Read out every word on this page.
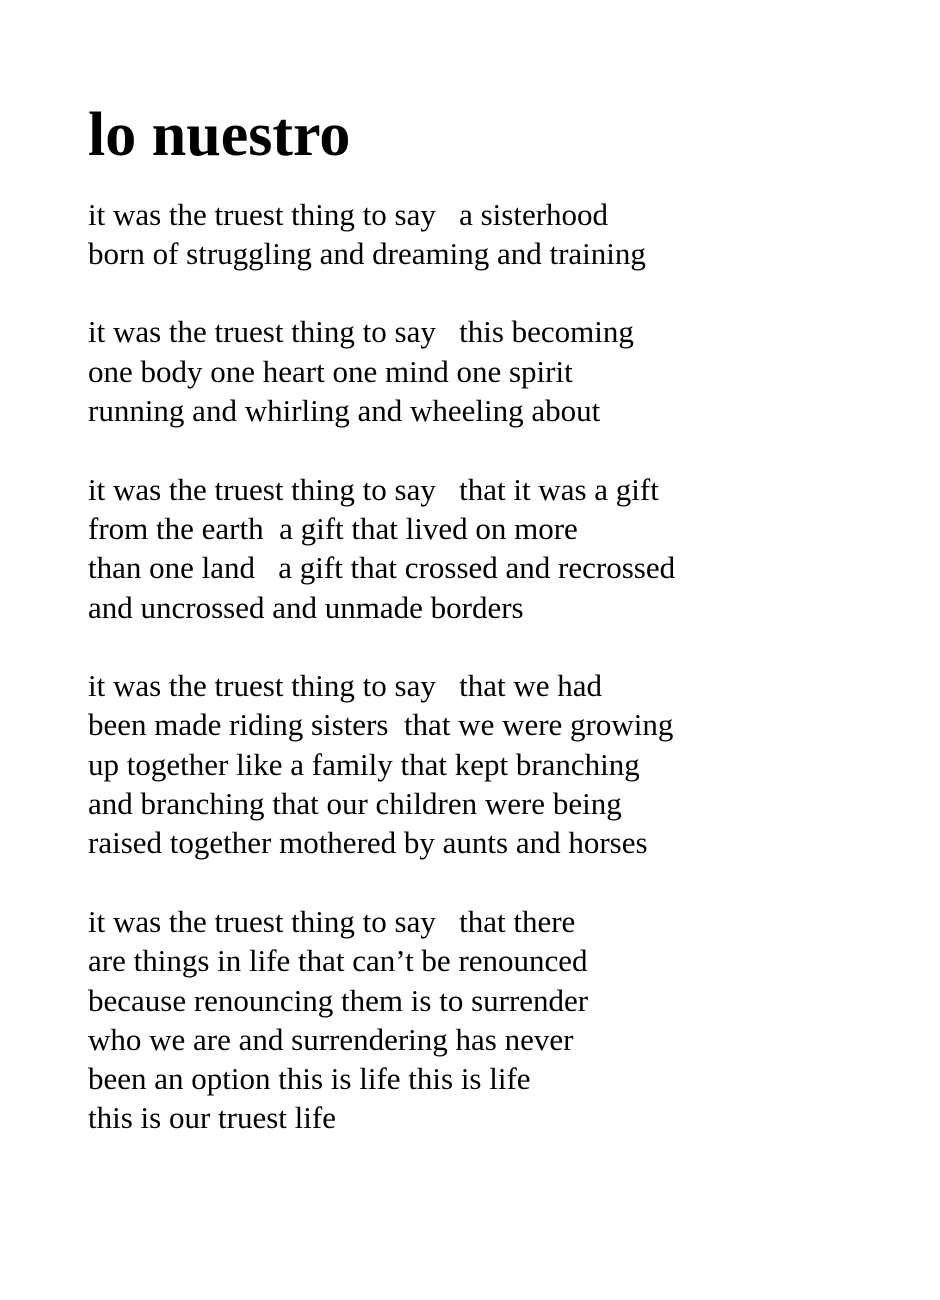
lo nuestro
it was the truest thing to say   a sisterhood
born of struggling and dreaming and training
it was the truest thing to say   this becoming
one body one heart one mind one spirit
running and whirling and wheeling about
it was the truest thing to say   that it was a gift
from the earth  a gift that lived on more
than one land   a gift that crossed and recrossed
and uncrossed and unmade borders
it was the truest thing to say   that we had
been made riding sisters  that we were growing
up together like a family that kept branching
and branching that our children were being
raised together mothered by aunts and horses
it was the truest thing to say   that there
are things in life that can’t be renounced
because renouncing them is to surrender
who we are and surrendering has never
been an option this is life this is life
this is our truest life
